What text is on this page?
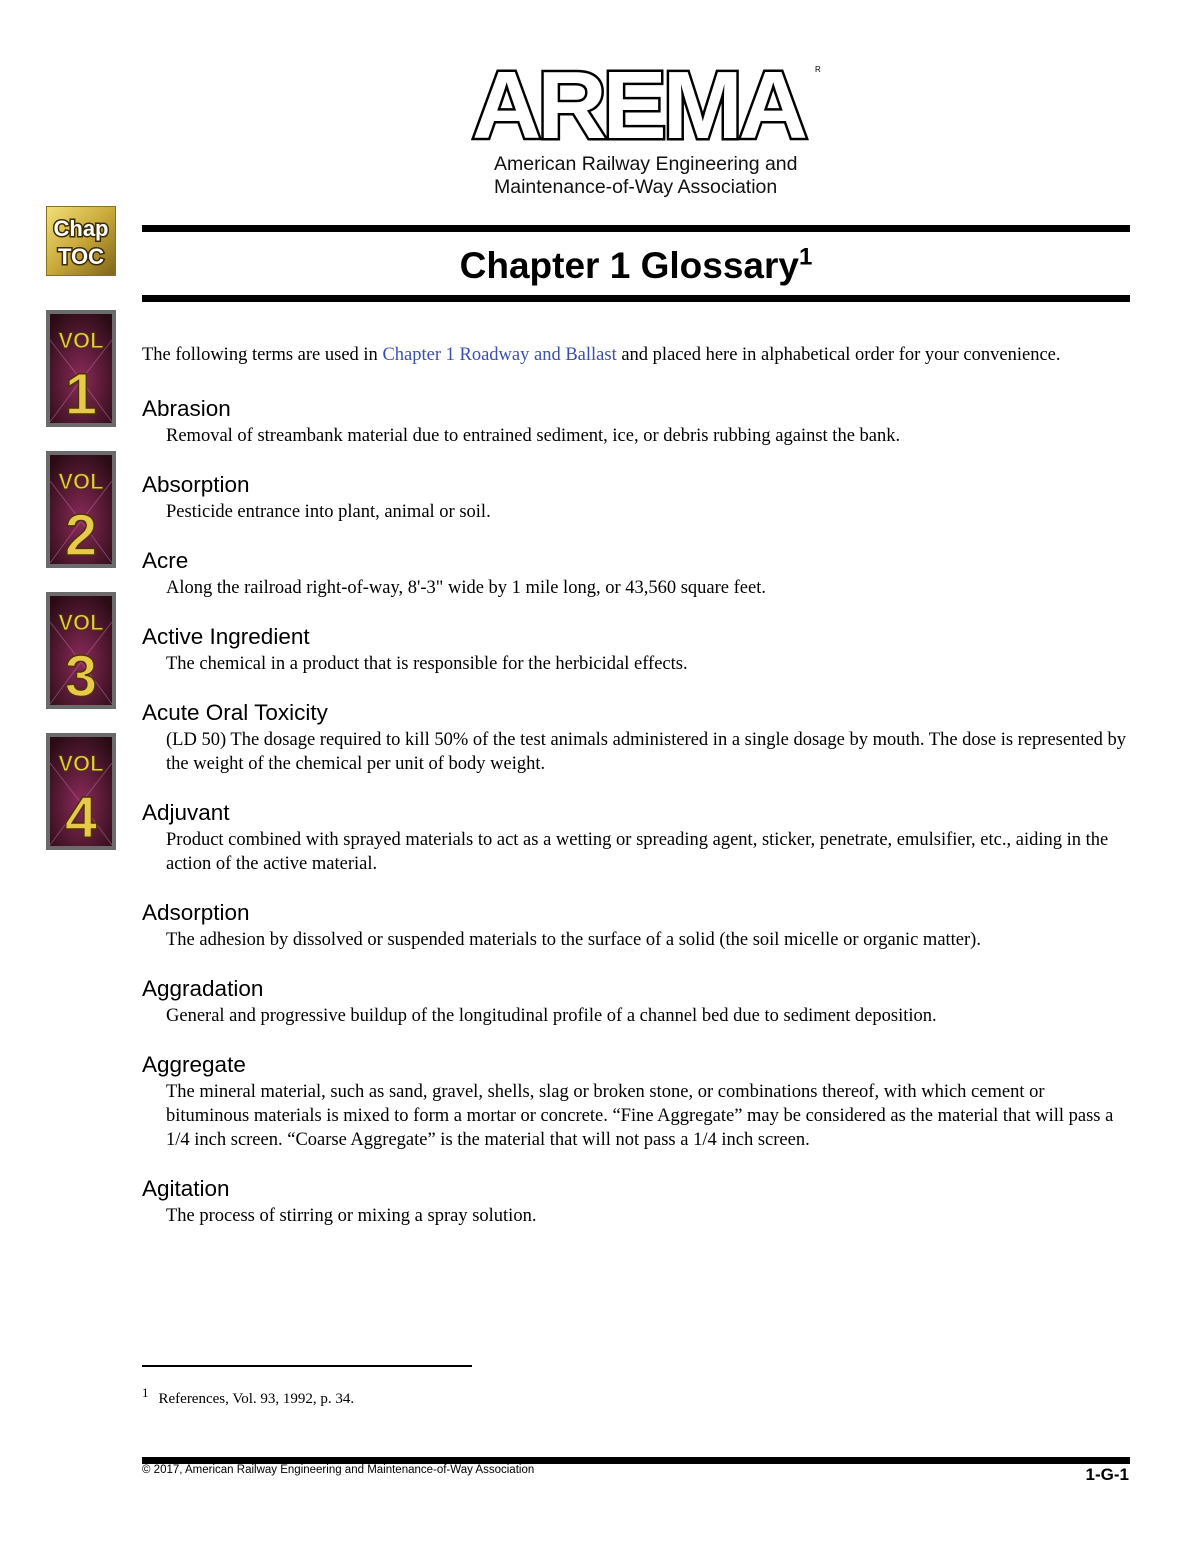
AREMA R
American Railway Engineering and
Maintenance-of-Way Association
Chap
TOC
VOL
1
VOL
2
VOL
3
VOL
4
Chapter 1 Glossary$^1$
The following terms are used in Chapter 1 Roadway and Ballast and placed here in alphabetical order for your convenience.
Abrasion
Removal of streambank material due to entrained sediment, ice, or debris rubbing against the bank.
Absorption
Pesticide entrance into plant, animal or soil.
Acre
Along the railroad right-of-way, 8'-3" wide by 1 mile long, or 43,560 square feet.
Active Ingredient
The chemical in a product that is responsible for the herbicidal effects.
Acute Oral Toxicity
(LD 50) The dosage required to kill 50% of the test animals administered in a single dosage by mouth. The dose is represented by the weight of the chemical per unit of body weight.
Adjuvant
Product combined with sprayed materials to act as a wetting or spreading agent, sticker, penetrate, emulsifier, etc., aiding in the action of the active material.
Adsorption
The adhesion by dissolved or suspended materials to the surface of a solid (the soil micelle or organic matter).
Aggradation
General and progressive buildup of the longitudinal profile of a channel bed due to sediment deposition.
Aggregate
The mineral material, such as sand, gravel, shells, slag or broken stone, or combinations thereof, with which cement or bituminous materials is mixed to form a mortar or concrete. “Fine Aggregate” may be considered as the material that will pass a 1/4 inch screen. “Coarse Aggregate” is the material that will not pass a 1/4 inch screen.
Agitation
The process of stirring or mixing a spray solution.
1 References, Vol. 93, 1992, p. 34.
© 2017, American Railway Engineering and Maintenance-of-Way Association	1-G-1
